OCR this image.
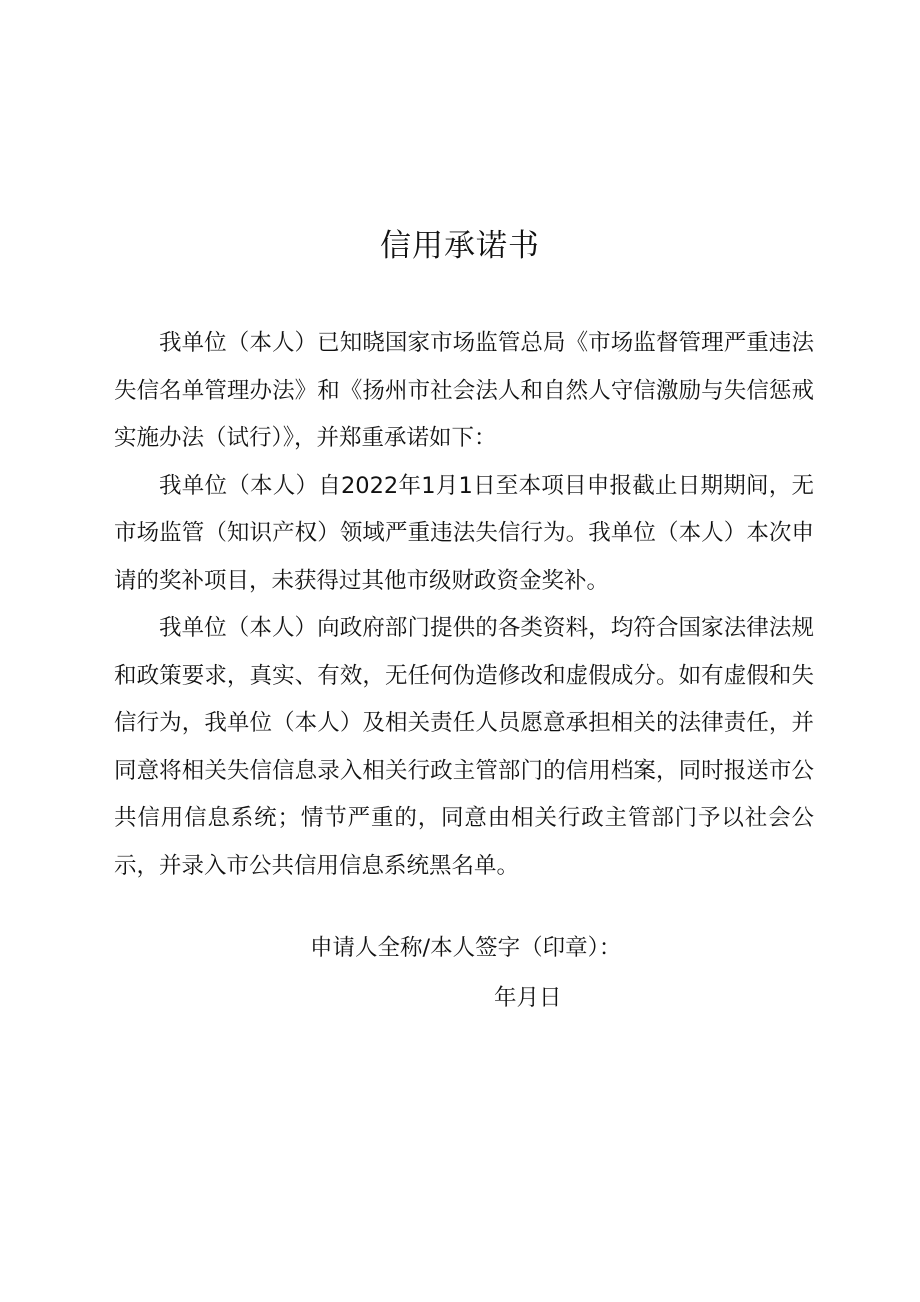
信用承诺书

我单位（本人）已知晓国家市场监管总局《市场监督管理严重违法失信名单管理办法》和《扬州市社会法人和自然人守信激励与失信惩戒实施办法（试行）》，并郑重承诺如下：

我单位（本人）自2022年1月1日至本项目申报截止日期期间，无市场监管（知识产权）领域严重违法失信行为。我单位（本人）本次申请的奖补项目，未获得过其他市级财政资金奖补。

我单位（本人）向政府部门提供的各类资料，均符合国家法律法规和政策要求，真实、有效，无任何伪造修改和虚假成分。如有虚假和失信行为，我单位（本人）及相关责任人员愿意承担相关的法律责任，并同意将相关失信信息录入相关行政主管部门的信用档案，同时报送市公共信用信息系统；情节严重的，同意由相关行政主管部门予以社会公示，并录入市公共信用信息系统黑名单。

申请人全称/本人签字（印章）：
年月日
